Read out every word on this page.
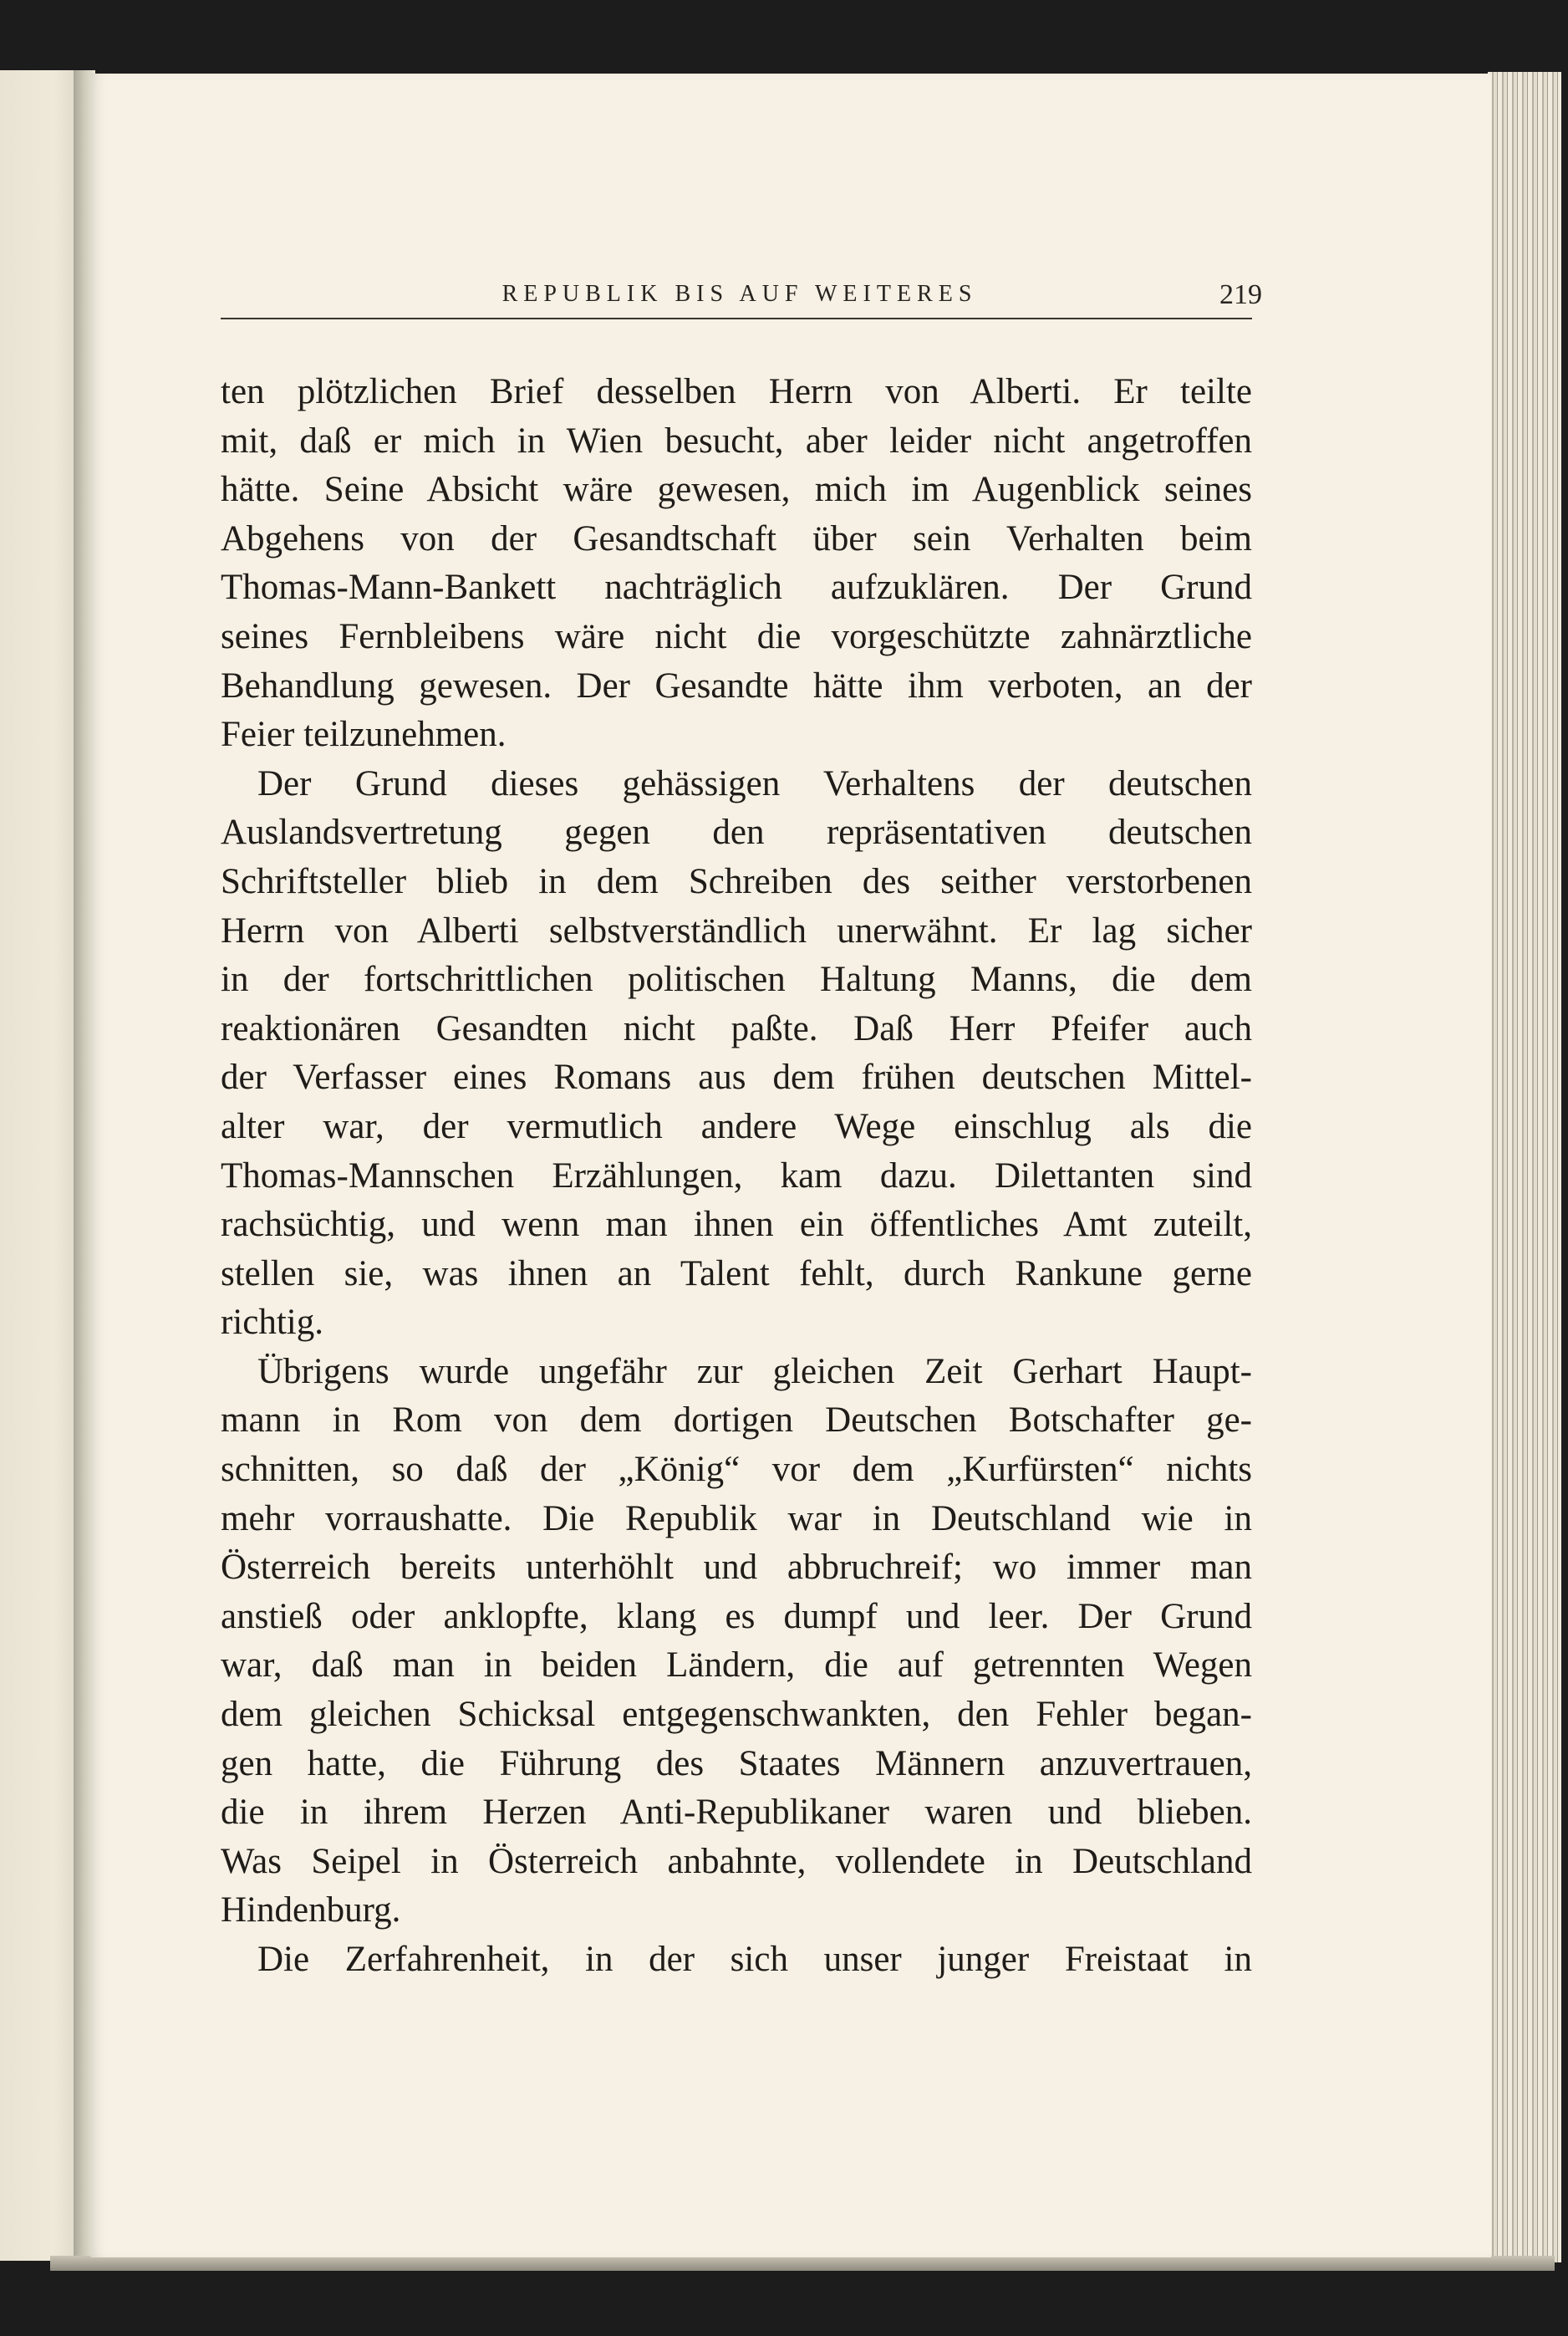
REPUBLIK BIS AUF WEITERES	219
ten plötzlichen Brief desselben Herrn von Alberti. Er teilte
mit, daß er mich in Wien besucht, aber leider nicht angetroffen
hätte. Seine Absicht wäre gewesen, mich im Augenblick seines
Abgehens von der Gesandtschaft über sein Verhalten beim
Thomas-Mann-Bankett nachträglich aufzuklären. Der Grund
seines Fernbleibens wäre nicht die vorgeschützte zahnärztliche
Behandlung gewesen. Der Gesandte hätte ihm verboten, an der
Feier teilzunehmen.
Der Grund dieses gehässigen Verhaltens der deutschen
Auslandsvertretung gegen den repräsentativen deutschen
Schriftsteller blieb in dem Schreiben des seither verstorbenen
Herrn von Alberti selbstverständlich unerwähnt. Er lag sicher
in der fortschrittlichen politischen Haltung Manns, die dem
reaktionären Gesandten nicht paßte. Daß Herr Pfeifer auch
der Verfasser eines Romans aus dem frühen deutschen Mittel-
alter war, der vermutlich andere Wege einschlug als die
Thomas-Mannschen Erzählungen, kam dazu. Dilettanten sind
rachsüchtig, und wenn man ihnen ein öffentliches Amt zuteilt,
stellen sie, was ihnen an Talent fehlt, durch Rankune gerne
richtig.
Übrigens wurde ungefähr zur gleichen Zeit Gerhart Haupt-
mann in Rom von dem dortigen Deutschen Botschafter ge-
schnitten, so daß der „König“ vor dem „Kurfürsten“ nichts
mehr vorraushatte. Die Republik war in Deutschland wie in
Österreich bereits unterhöhlt und abbruchreif; wo immer man
anstieß oder anklopfte, klang es dumpf und leer. Der Grund
war, daß man in beiden Ländern, die auf getrennten Wegen
dem gleichen Schicksal entgegenschwankten, den Fehler began-
gen hatte, die Führung des Staates Männern anzuvertrauen,
die in ihrem Herzen Anti-Republikaner waren und blieben.
Was Seipel in Österreich anbahnte, vollendete in Deutschland
Hindenburg.
Die Zerfahrenheit, in der sich unser junger Freistaat in
